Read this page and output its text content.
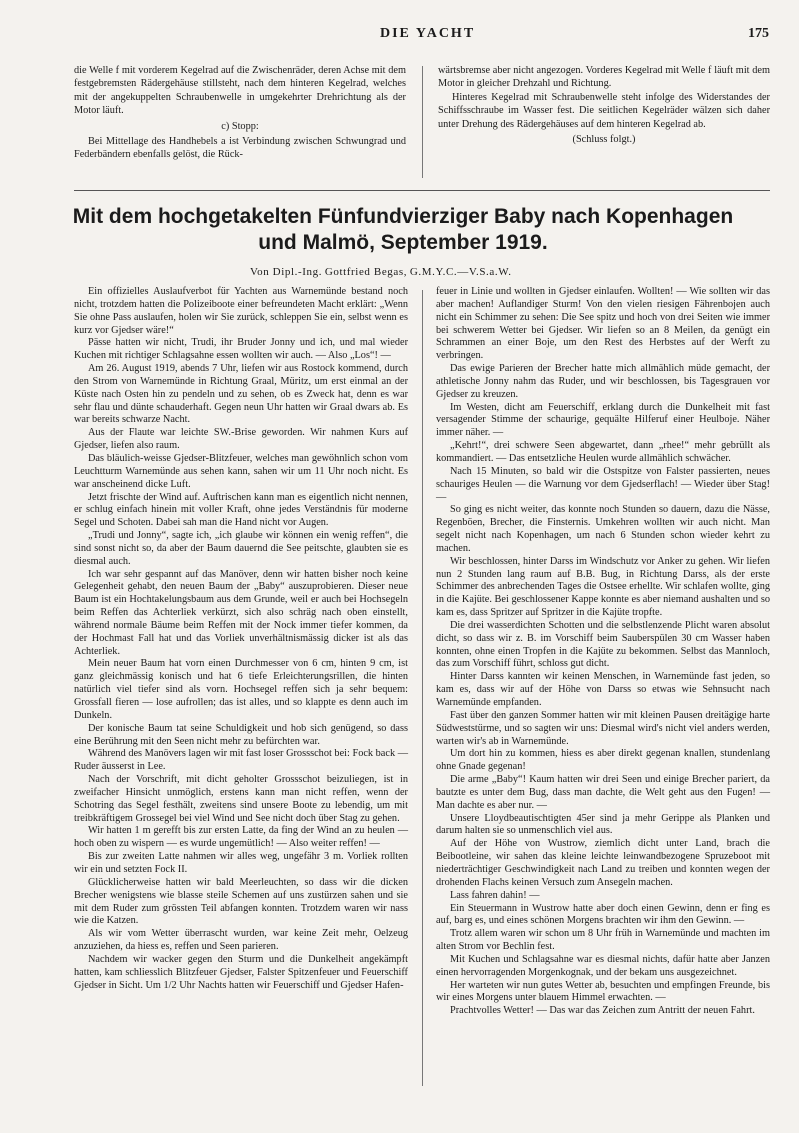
DIE YACHT	175

die Welle f mit vorderem Kegelrad auf die Zwischenräder, deren Achse mit dem festgebremsten Rädergehäuse stillsteht, nach dem hinteren Kegelrad, welches mit der angekuppelten Schraubenwelle in umgekehrter Drehrichtung als der Motor läuft.

c) Stopp:

Bei Mittellage des Handhebels a ist Verbindung zwischen Schwungrad und Federbändern ebenfalls gelöst, die Rück-

wärtsbremse aber nicht angezogen. Vorderes Kegelrad mit Welle f läuft mit dem Motor in gleicher Drehzahl und Richtung.

Hinteres Kegelrad mit Schraubenwelle steht infolge des Widerstandes der Schiffsschraube im Wasser fest. Die seitlichen Kegelräder wälzen sich daher unter Drehung des Rädergehäuses auf dem hinteren Kegelrad ab.

(Schluss folgt.)

Mit dem hochgetakelten Fünfundvierziger Baby nach Kopenhagen und Malmö, September 1919.
Von Dipl.-Ing. Gottfried Begas, G.M.Y.C.—V.S.a.W.

Ein offizielles Auslaufverbot für Yachten aus Warnemünde bestand noch nicht, trotzdem hatten die Polizeiboote einer befreundeten Macht erklärt: „Wenn Sie ohne Pass auslaufen, holen wir Sie zurück, schleppen Sie ein, selbst wenn es kurz vor Gjedser wäre!“

Pässe hatten wir nicht, Trudi, ihr Bruder Jonny und ich, und mal wieder Kuchen mit richtiger Schlagsahne essen wollten wir auch. — Also „Los“! —

Am 26. August 1919, abends 7 Uhr, liefen wir aus Rostock kommend, durch den Strom von Warnemünde in Richtung Graal, Müritz, um erst einmal an der Küste nach Osten hin zu pendeln und zu sehen, ob es Zweck hat, denn es war sehr flau und dünte schauderhaft. Gegen neun Uhr hatten wir Graal dwars ab. Es war bereits schwarze Nacht.

Aus der Flaute war leichte SW.-Brise geworden. Wir nahmen Kurs auf Gjedser, liefen also raum.

Das bläulich-weisse Gjedser-Blitzfeuer, welches man gewöhnlich schon vom Leuchtturm Warnemünde aus sehen kann, sahen wir um 11 Uhr noch nicht. Es war anscheinend dicke Luft.

Jetzt frischte der Wind auf. Auftrischen kann man es eigentlich nicht nennen, er schlug einfach hinein mit voller Kraft, ohne jedes Verständnis für moderne Segel und Schoten. Dabei sah man die Hand nicht vor Augen.

„Trudi und Jonny“, sagte ich, „ich glaube wir können ein wenig reffen“, die sind sonst nicht so, da aber der Baum dauernd die See peitschte, glaubten sie es diesmal auch.

Ich war sehr gespannt auf das Manöver, denn wir hatten bisher noch keine Gelegenheit gehabt, den neuen Baum der „Baby“ auszuprobieren. Dieser neue Baum ist ein Hochtakelungsbaum aus dem Grunde, weil er auch bei Hochsegeln beim Reffen das Achterliek verkürzt, sich also schräg nach oben einstellt, während normale Bäume beim Reffen mit der Nock immer tiefer kommen, da der Hochmast Fall hat und das Vorliek unverhältnismässig dicker ist als das Achterliek.

Mein neuer Baum hat vorn einen Durchmesser von 6 cm, hinten 9 cm, ist ganz gleichmässig konisch und hat 6 tiefe Erleichterungsrillen, die hinten natürlich viel tiefer sind als vorn. Hochsegel reffen sich ja sehr bequem: Grossfall fieren — lose aufrollen; das ist alles, und so klappte es denn auch im Dunkeln.

Der konische Baum tat seine Schuldigkeit und hob sich genügend, so dass eine Berührung mit den Seen nicht mehr zu befürchten war.

Während des Manövers lagen wir mit fast loser Grossschot bei: Fock back — Ruder äusserst in Lee.

Nach der Vorschrift, mit dicht geholter Grossschot beizuliegen, ist in zweifacher Hinsicht unmöglich, erstens kann man nicht reffen, wenn der Schotring das Segel festhält, zweitens sind unsere Boote zu lebendig, um mit treibkräftigem Grossegel bei viel Wind und See nicht doch über Stag zu gehen.

Wir hatten 1 m gerefft bis zur ersten Latte, da fing der Wind an zu heulen — hoch oben zu wispern — es wurde ungemütlich! — Also weiter reffen! —

Bis zur zweiten Latte nahmen wir alles weg, ungefähr 3 m. Vorliek rollten wir ein und setzten Fock II.

Glücklicherweise hatten wir bald Meerleuchten, so dass wir die dicken Brecher wenigstens wie blasse steile Schemen auf uns zustürzen sahen und sie mit dem Ruder zum grössten Teil abfangen konnten. Trotzdem waren wir nass wie die Katzen.

Als wir vom Wetter überrascht wurden, war keine Zeit mehr, Oelzeug anzuziehen, da hiess es, reffen und Seen parieren.

Nachdem wir wacker gegen den Sturm und die Dunkelheit angekämpft hatten, kam schliesslich Blitzfeuer Gjedser, Falster Spitzenfeuer und Feuerschiff Gjedser in Sicht. Um 1/2 Uhr Nachts hatten wir Feuerschiff und Gjedser Hafen-

feuer in Linie und wollten in Gjedser einlaufen. Wollten! — Wie sollten wir das aber machen! Auflandiger Sturm! Von den vielen riesigen Fährenbojen auch nicht ein Schimmer zu sehen: Die See spitz und hoch von drei Seiten wie immer bei schwerem Wetter bei Gjedser. Wir liefen so an 8 Meilen, da genügt ein Schrammen an einer Boje, um den Rest des Herbstes auf der Werft zu verbringen.

Das ewige Parieren der Brecher hatte mich allmählich müde gemacht, der athletische Jonny nahm das Ruder, und wir beschlossen, bis Tagesgrauen vor Gjedser zu kreuzen.

Im Westen, dicht am Feuerschiff, erklang durch die Dunkelheit mit fast versagender Stimme der schaurige, gequälte Hilferuf einer Heulboje. Näher immer näher. —

„Kehrt!“, drei schwere Seen abgewartet, dann „rhee!“ mehr gebrüllt als kommandiert. — Das entsetzliche Heulen wurde allmählich schwächer.

Nach 15 Minuten, so bald wir die Ostspitze von Falster passierten, neues schauriges Heulen — die Warnung vor dem Gjedserflach! — Wieder über Stag! —

So ging es nicht weiter, das konnte noch Stunden so dauern, dazu die Nässe, Regenböen, Brecher, die Finsternis. Umkehren wollten wir auch nicht. Man segelt nicht nach Kopenhagen, um nach 6 Stunden schon wieder kehrt zu machen.

Wir beschlossen, hinter Darss im Windschutz vor Anker zu gehen. Wir liefen nun 2 Stunden lang raum auf B.B. Bug, in Richtung Darss, als der erste Schimmer des anbrechenden Tages die Ostsee erhellte. Wir schlafen wollte, ging in die Kajüte. Bei geschlossener Kappe konnte es aber niemand aushalten und so kam es, dass Spritzer auf Spritzer in die Kajüte tropfte.

Die drei wasserdichten Schotten und die selbstlenzende Plicht waren absolut dicht, so dass wir z. B. im Vorschiff beim Sauberspülen 30 cm Wasser haben konnten, ohne einen Tropfen in die Kajüte zu bekommen. Selbst das Mannloch, das zum Vorschiff führt, schloss gut dicht.

Hinter Darss kannten wir keinen Menschen, in Warnemünde fast jeden, so kam es, dass wir auf der Höhe von Darss so etwas wie Sehnsucht nach Warnemünde empfanden.

Fast über den ganzen Sommer hatten wir mit kleinen Pausen dreitägige harte Südweststürme, und so sagten wir uns: Diesmal wird's nicht viel anders werden, warten wir's ab in Warnemünde.

Um dort hin zu kommen, hiess es aber direkt gegenan knallen, stundenlang ohne Gnade gegenan!

Die arme „Baby“! Kaum hatten wir drei Seen und einige Brecher pariert, da bautzte es unter dem Bug, dass man dachte, die Welt geht aus den Fugen! — Man dachte es aber nur. —

Unsere Lloydbeautischtigten 45er sind ja mehr Gerippe als Planken und darum halten sie so unmenschlich viel aus.

Auf der Höhe von Wustrow, ziemlich dicht unter Land, brach die Beibootleine, wir sahen das kleine leichte leinwandbezogene Spruzeboot mit niederträchtiger Geschwindigkeit nach Land zu treiben und konnten wegen der drohenden Flachs keinen Versuch zum Ansegeln machen.

Lass fahren dahin! —

Ein Steuermann in Wustrow hatte aber doch einen Gewinn, denn er fing es auf, barg es, und eines schönen Morgens brachten wir ihm den Gewinn. —

Trotz allem waren wir schon um 8 Uhr früh in Warnemünde und machten im alten Strom vor Bechlin fest.

Mit Kuchen und Schlagsahne war es diesmal nichts, dafür hatte aber Janzen einen hervorragenden Morgenkognak, und der bekam uns ausgezeichnet.

Her warteten wir nun gutes Wetter ab, besuchten und empfingen Freunde, bis wir eines Morgens unter blauem Himmel erwachten. —

Prachtvolles Wetter! — Das war das Zeichen zum Antritt der neuen Fahrt.
